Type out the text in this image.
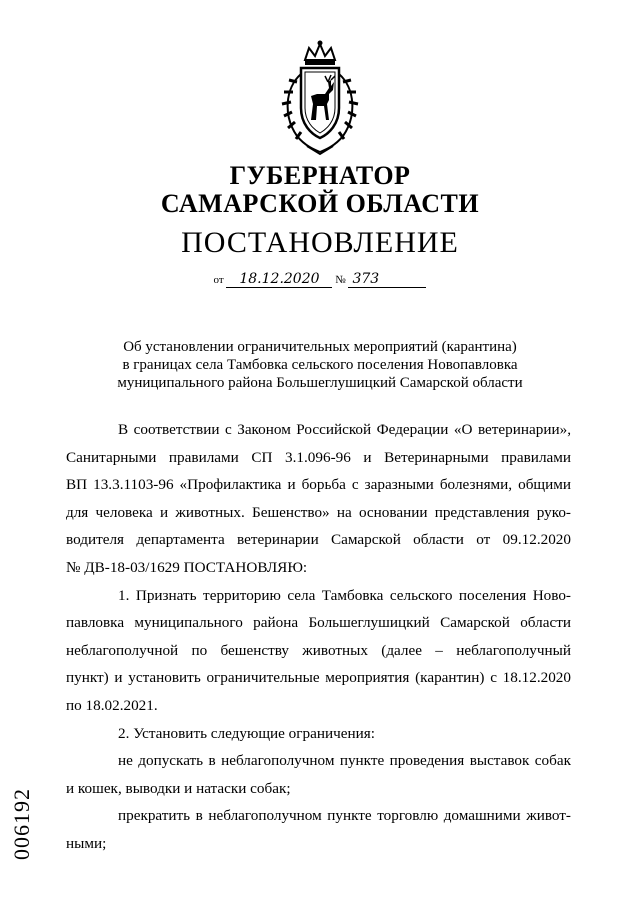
ГУБЕРНАТОР
САМАРСКОЙ ОБЛАСТИ
ПОСТАНОВЛЕНИЕ
от 18.12.2020 № 373
Об установлении ограничительных мероприятий (карантина)
в границах села Тамбовка сельского поселения Новопавловка
муниципального района Большеглушицкий Самарской области
В соответствии с Законом Российской Федерации «О ветеринарии»,
Санитарными правилами СП 3.1.096-96 и Ветеринарными правилами
ВП 13.3.1103-96 «Профилактика и борьба с заразными болезнями, общими
для человека и животных. Бешенство» на основании представления руко-
водителя департамента ветеринарии Самарской области от 09.12.2020
№ ДВ-18-03/1629 ПОСТАНОВЛЯЮ:
1. Признать территорию села Тамбовка сельского поселения Ново-
павловка муниципального района Большеглушицкий Самарской области
неблагополучной по бешенству животных (далее – неблагополучный
пункт) и установить ограничительные мероприятия (карантин) с 18.12.2020
по 18.02.2021.
2. Установить следующие ограничения:
не допускать в неблагополучном пункте проведения выставок собак
и кошек, выводки и натаски собак;
прекратить в неблагополучном пункте торговлю домашними живот-
ными;
006192
